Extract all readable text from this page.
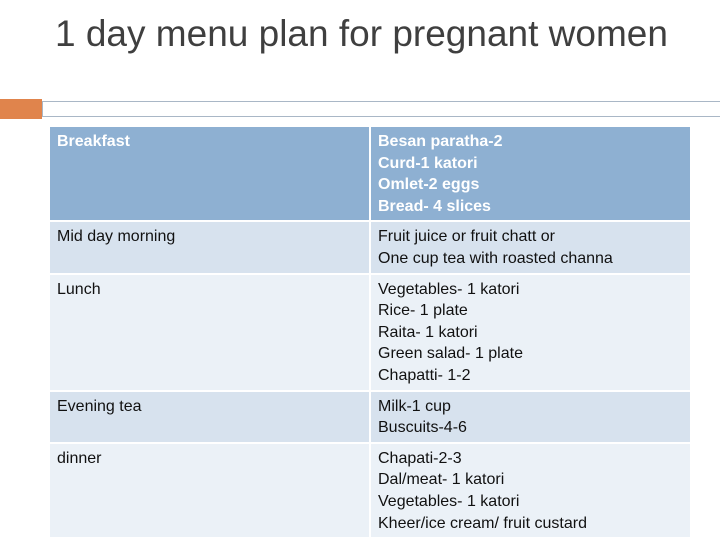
1 day menu plan for pregnant women
Breakfast	Besan paratha-2
Curd-1 katori
Omlet-2 eggs
Bread- 4 slices

Mid day morning	Fruit juice or fruit chatt or
One cup tea with roasted channa

Lunch	Vegetables- 1 katori
Rice- 1 plate
Raita- 1 katori
Green salad- 1 plate
Chapatti- 1-2

Evening tea	Milk-1 cup
Buscuits-4-6

dinner	Chapati-2-3
Dal/meat- 1 katori
Vegetables- 1 katori
Kheer/ice cream/ fruit custard
